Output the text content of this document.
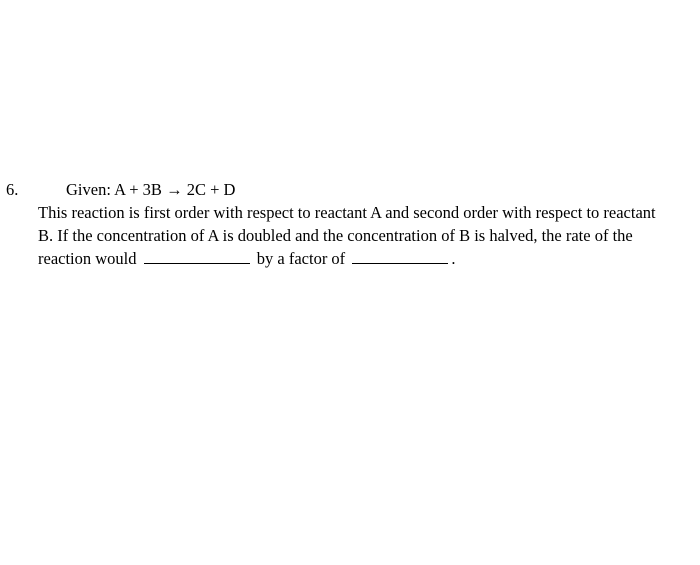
6.	Given: A + 3B → 2C + D
This reaction is first order with respect to reactant A and second order with respect to reactant
B. If the concentration of A is doubled and the concentration of B is halved, the rate of the
reaction would	by a factor of	.
